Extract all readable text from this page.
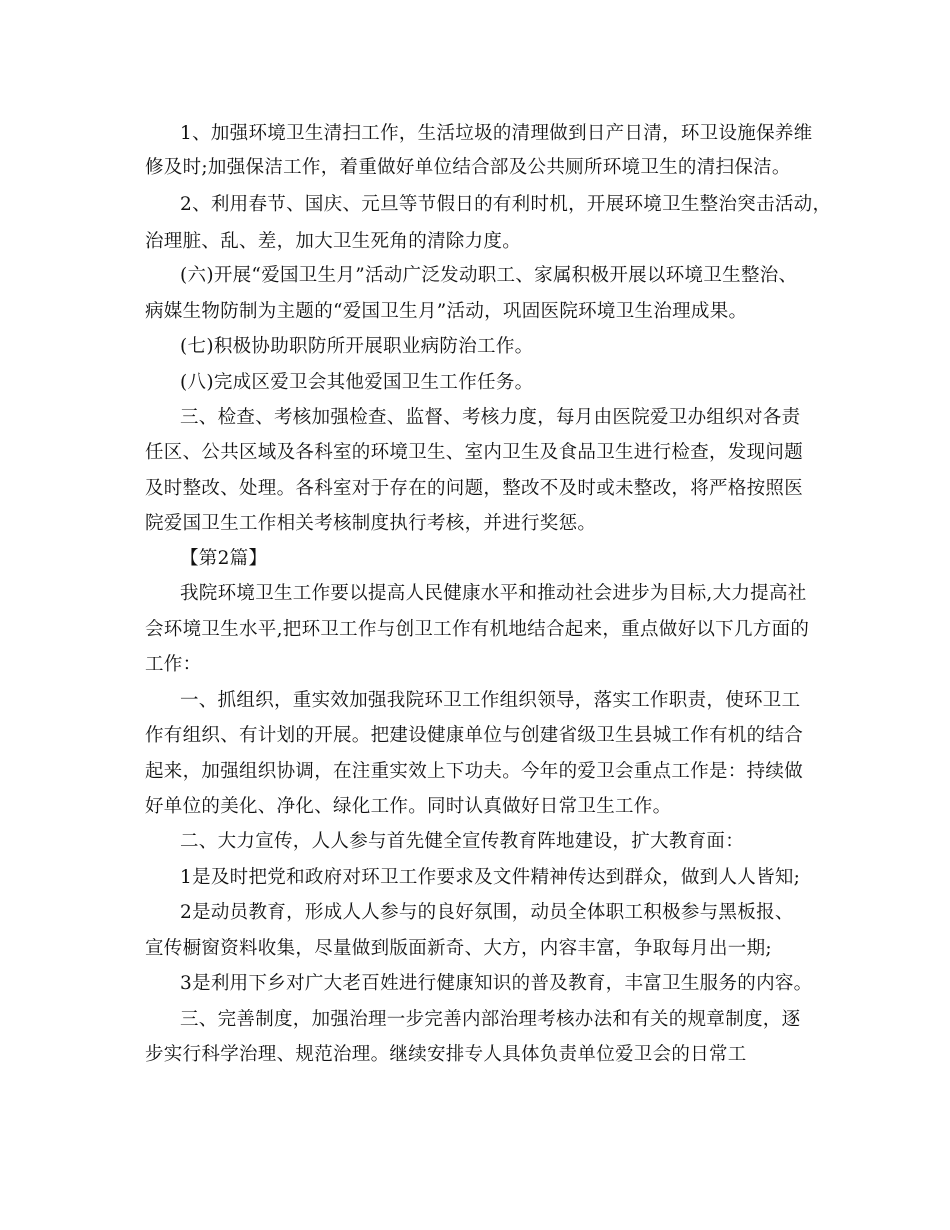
1、加强环境卫生清扫工作，生活垃圾的清理做到日产日清，环卫设施保养维
修及时;加强保洁工作，着重做好单位结合部及公共厕所环境卫生的清扫保洁。
2、利用春节、国庆、元旦等节假日的有利时机，开展环境卫生整治突击活动，
治理脏、乱、差，加大卫生死角的清除力度。
(六)开展“爱国卫生月”活动广泛发动职工、家属积极开展以环境卫生整治、
病媒生物防制为主题的“爱国卫生月”活动，巩固医院环境卫生治理成果。
(七)积极协助职防所开展职业病防治工作。
(八)完成区爱卫会其他爱国卫生工作任务。
三、检查、考核加强检查、监督、考核力度，每月由医院爱卫办组织对各责
任区、公共区域及各科室的环境卫生、室内卫生及食品卫生进行检查，发现问题
及时整改、处理。各科室对于存在的问题，整改不及时或未整改，将严格按照医
院爱国卫生工作相关考核制度执行考核，并进行奖惩。
【第2篇】
我院环境卫生工作要以提高人民健康水平和推动社会进步为目标,大力提高社
会环境卫生水平,把环卫工作与创卫工作有机地结合起来，重点做好以下几方面的
工作：
一、抓组织，重实效加强我院环卫工作组织领导，落实工作职责，使环卫工
作有组织、有计划的开展。把建设健康单位与创建省级卫生县城工作有机的结合
起来，加强组织协调，在注重实效上下功夫。今年的爱卫会重点工作是：持续做
好单位的美化、净化、绿化工作。同时认真做好日常卫生工作。
二、大力宣传，人人参与首先健全宣传教育阵地建设，扩大教育面：
1是及时把党和政府对环卫工作要求及文件精神传达到群众，做到人人皆知;
2是动员教育，形成人人参与的良好氛围，动员全体职工积极参与黑板报、
宣传橱窗资料收集，尽量做到版面新奇、大方，内容丰富，争取每月出一期;
3是利用下乡对广大老百姓进行健康知识的普及教育，丰富卫生服务的内容。
三、完善制度，加强治理一步完善内部治理考核办法和有关的规章制度，逐
步实行科学治理、规范治理。继续安排专人具体负责单位爱卫会的日常工
